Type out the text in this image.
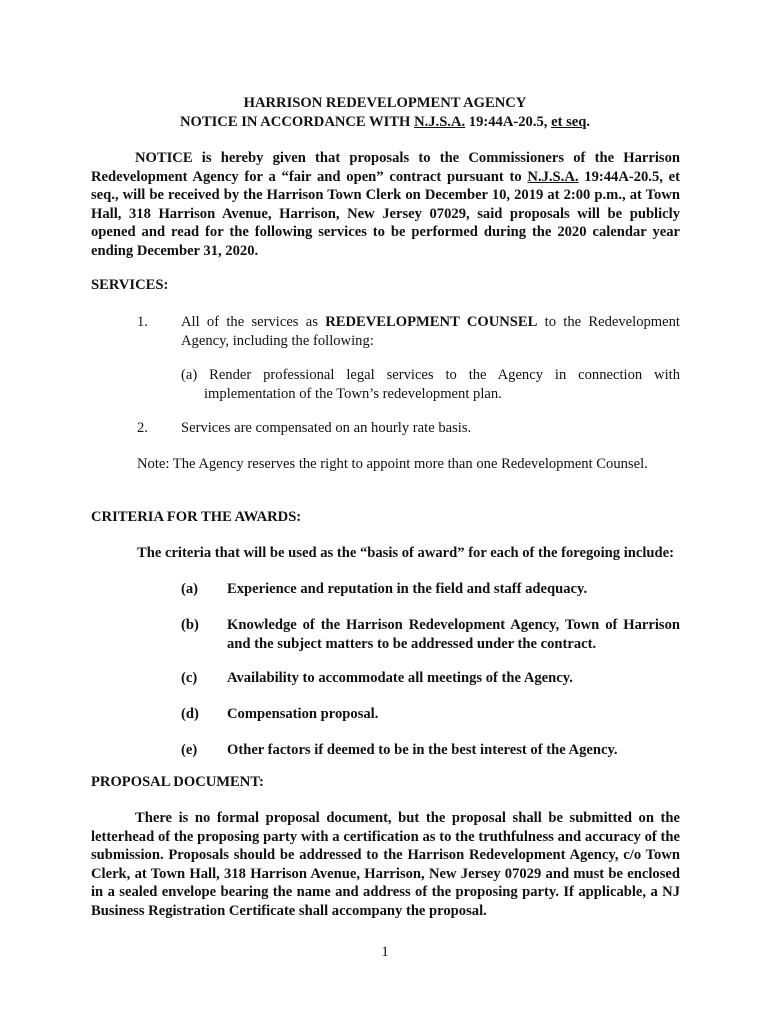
HARRISON REDEVELOPMENT AGENCY
NOTICE IN ACCORDANCE WITH N.J.S.A. 19:44A-20.5, et seq.
NOTICE is hereby given that proposals to the Commissioners of the Harrison Redevelopment Agency for a “fair and open” contract pursuant to N.J.S.A. 19:44A-20.5, et seq., will be received by the Harrison Town Clerk on December 10, 2019 at 2:00 p.m., at Town Hall, 318 Harrison Avenue, Harrison, New Jersey 07029, said proposals will be publicly opened and read for the following services to be performed during the 2020 calendar year ending December 31, 2020.
SERVICES:
1. All of the services as REDEVELOPMENT COUNSEL to the Redevelopment Agency, including the following:
(a) Render professional legal services to the Agency in connection with implementation of the Town’s redevelopment plan.
2. Services are compensated on an hourly rate basis.
Note: The Agency reserves the right to appoint more than one Redevelopment Counsel.
CRITERIA FOR THE AWARDS:
The criteria that will be used as the “basis of award” for each of the foregoing include:
(a) Experience and reputation in the field and staff adequacy.
(b) Knowledge of the Harrison Redevelopment Agency, Town of Harrison and the subject matters to be addressed under the contract.
(c) Availability to accommodate all meetings of the Agency.
(d) Compensation proposal.
(e) Other factors if deemed to be in the best interest of the Agency.
PROPOSAL DOCUMENT:
There is no formal proposal document, but the proposal shall be submitted on the letterhead of the proposing party with a certification as to the truthfulness and accuracy of the submission. Proposals should be addressed to the Harrison Redevelopment Agency, c/o Town Clerk, at Town Hall, 318 Harrison Avenue, Harrison, New Jersey 07029 and must be enclosed in a sealed envelope bearing the name and address of the proposing party. If applicable, a NJ Business Registration Certificate shall accompany the proposal.
1
